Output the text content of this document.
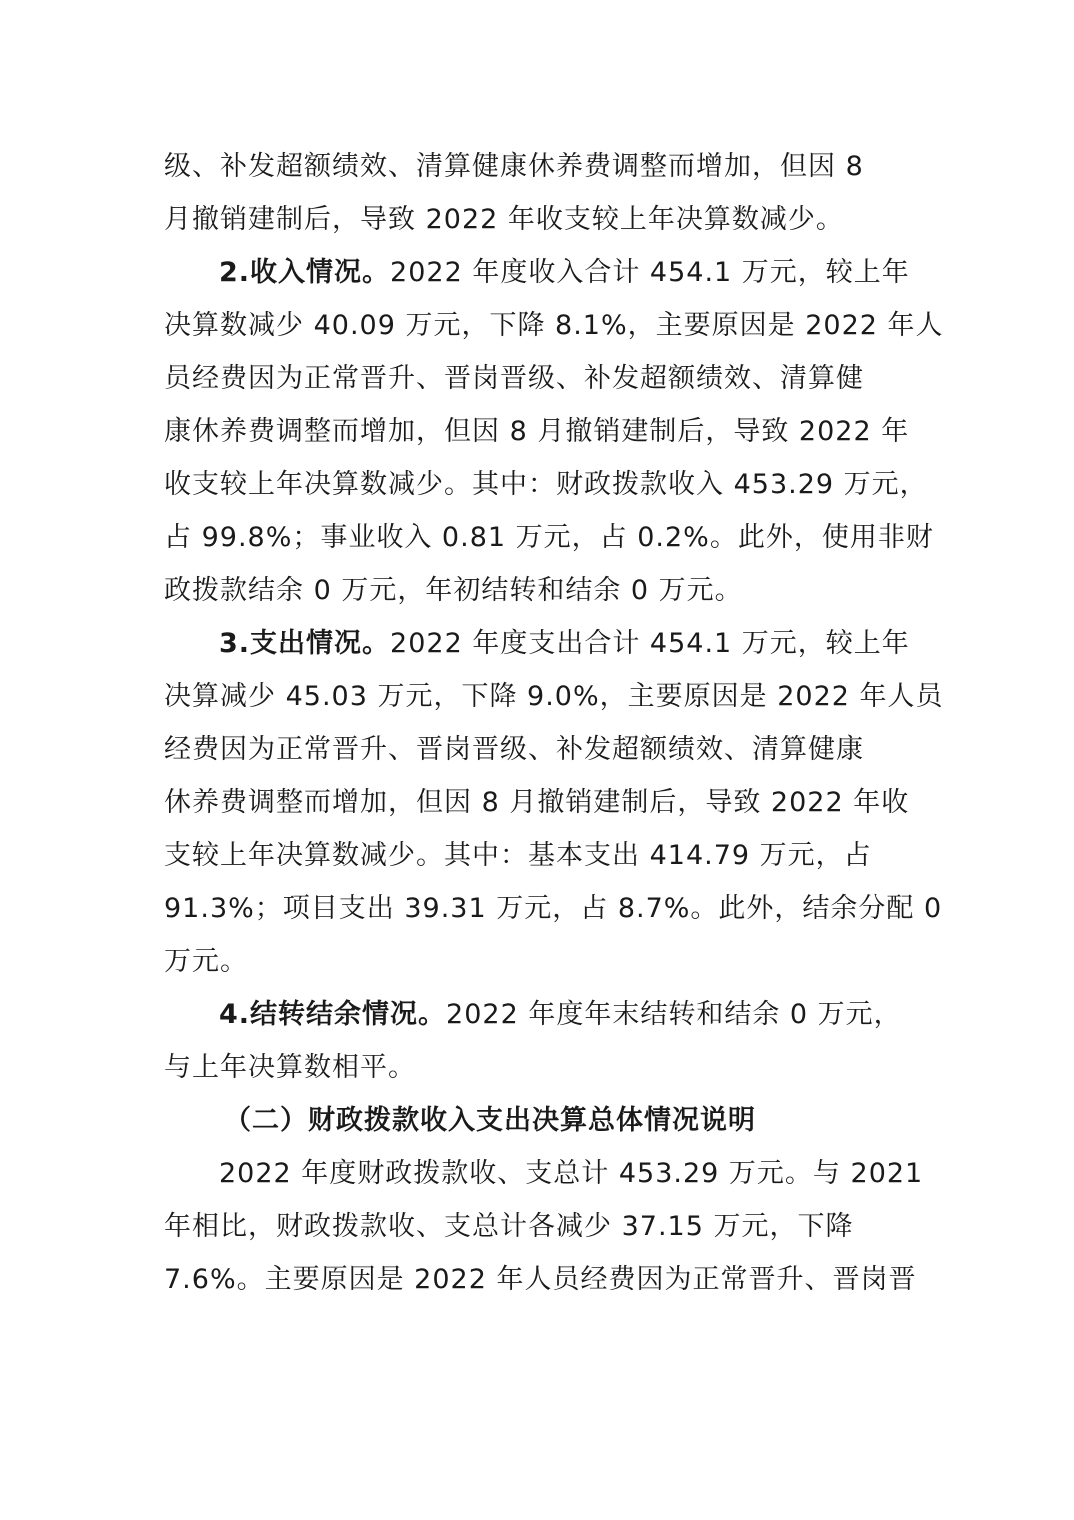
级、补发超额绩效、清算健康休养费调整而增加，但因 8
月撤销建制后，导致 2022 年收支较上年决算数减少。
2.收入情况。2022 年度收入合计 454.1 万元，较上年
决算数减少 40.09 万元，下降 8.1%，主要原因是 2022 年人
员经费因为正常晋升、晋岗晋级、补发超额绩效、清算健
康休养费调整而增加，但因 8 月撤销建制后，导致 2022 年
收支较上年决算数减少。其中：财政拨款收入 453.29 万元，
占 99.8%；事业收入 0.81 万元，占 0.2%。此外，使用非财
政拨款结余 0 万元，年初结转和结余 0 万元。
3.支出情况。2022 年度支出合计 454.1 万元，较上年
决算减少 45.03 万元，下降 9.0%，主要原因是 2022 年人员
经费因为正常晋升、晋岗晋级、补发超额绩效、清算健康
休养费调整而增加，但因 8 月撤销建制后，导致 2022 年收
支较上年决算数减少。其中：基本支出 414.79 万元，占
91.3%；项目支出 39.31 万元，占 8.7%。此外，结余分配 0
万元。
4.结转结余情况。2022 年度年末结转和结余 0 万元，
与上年决算数相平。
（二）财政拨款收入支出决算总体情况说明
2022 年度财政拨款收、支总计 453.29 万元。与 2021
年相比，财政拨款收、支总计各减少 37.15 万元，下降
7.6%。主要原因是 2022 年人员经费因为正常晋升、晋岗晋
